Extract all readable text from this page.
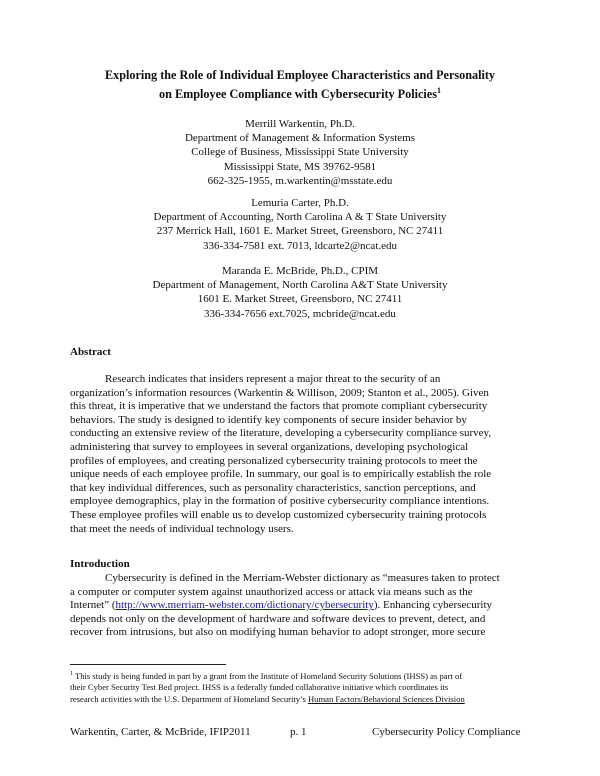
Exploring the Role of Individual Employee Characteristics and Personality
on Employee Compliance with Cybersecurity Policies$^1$
Merrill Warkentin, Ph.D.
Department of Management & Information Systems
College of Business, Mississippi State University
Mississippi State, MS 39762-9581
662-325-1955, m.warkentin@msstate.edu
Lemuria Carter, Ph.D.
Department of Accounting, North Carolina A & T State University
237 Merrick Hall, 1601 E. Market Street, Greensboro, NC 27411
336-334-7581 ext. 7013, ldcarte2@ncat.edu
Maranda E. McBride, Ph.D., CPIM
Department of Management, North Carolina A&T State University
1601 E. Market Street, Greensboro, NC 27411
336-334-7656 ext.7025, mcbride@ncat.edu
Abstract
Research indicates that insiders represent a major threat to the security of an
organization’s information resources (Warkentin & Willison, 2009; Stanton et al., 2005). Given
this threat, it is imperative that we understand the factors that promote compliant cybersecurity
behaviors. The study is designed to identify key components of secure insider behavior by
conducting an extensive review of the literature, developing a cybersecurity compliance survey,
administering that survey to employees in several organizations, developing psychological
profiles of employees, and creating personalized cybersecurity training protocols to meet the
unique needs of each employee profile. In summary, our goal is to empirically establish the role
that key individual differences, such as personality characteristics, sanction perceptions, and
employee demographics, play in the formation of positive cybersecurity compliance intentions.
These employee profiles will enable us to develop customized cybersecurity training protocols
that meet the needs of individual technology users.
Introduction
Cybersecurity is defined in the Merriam-Webster dictionary as “measures taken to protect
a computer or computer system against unauthorized access or attack via means such as the
Internet” (http://www.merriam-webster.com/dictionary/cybersecurity). Enhancing cybersecurity
depends not only on the development of hardware and software devices to prevent, detect, and
recover from intrusions, but also on modifying human behavior to adopt stronger, more secure
$^1$ This study is being funded in part by a grant from the Institute of Homeland Security Solutions (IHSS) as part of
their Cyber Security Test Bed project. IHSS is a federally funded collaborative initiative which coordinates its
research activities with the U.S. Department of Homeland Security’s Human Factors/Behavioral Sciences Division
Warkentin, Carter, & McBride, IFIP2011	p. 1	Cybersecurity Policy Compliance
